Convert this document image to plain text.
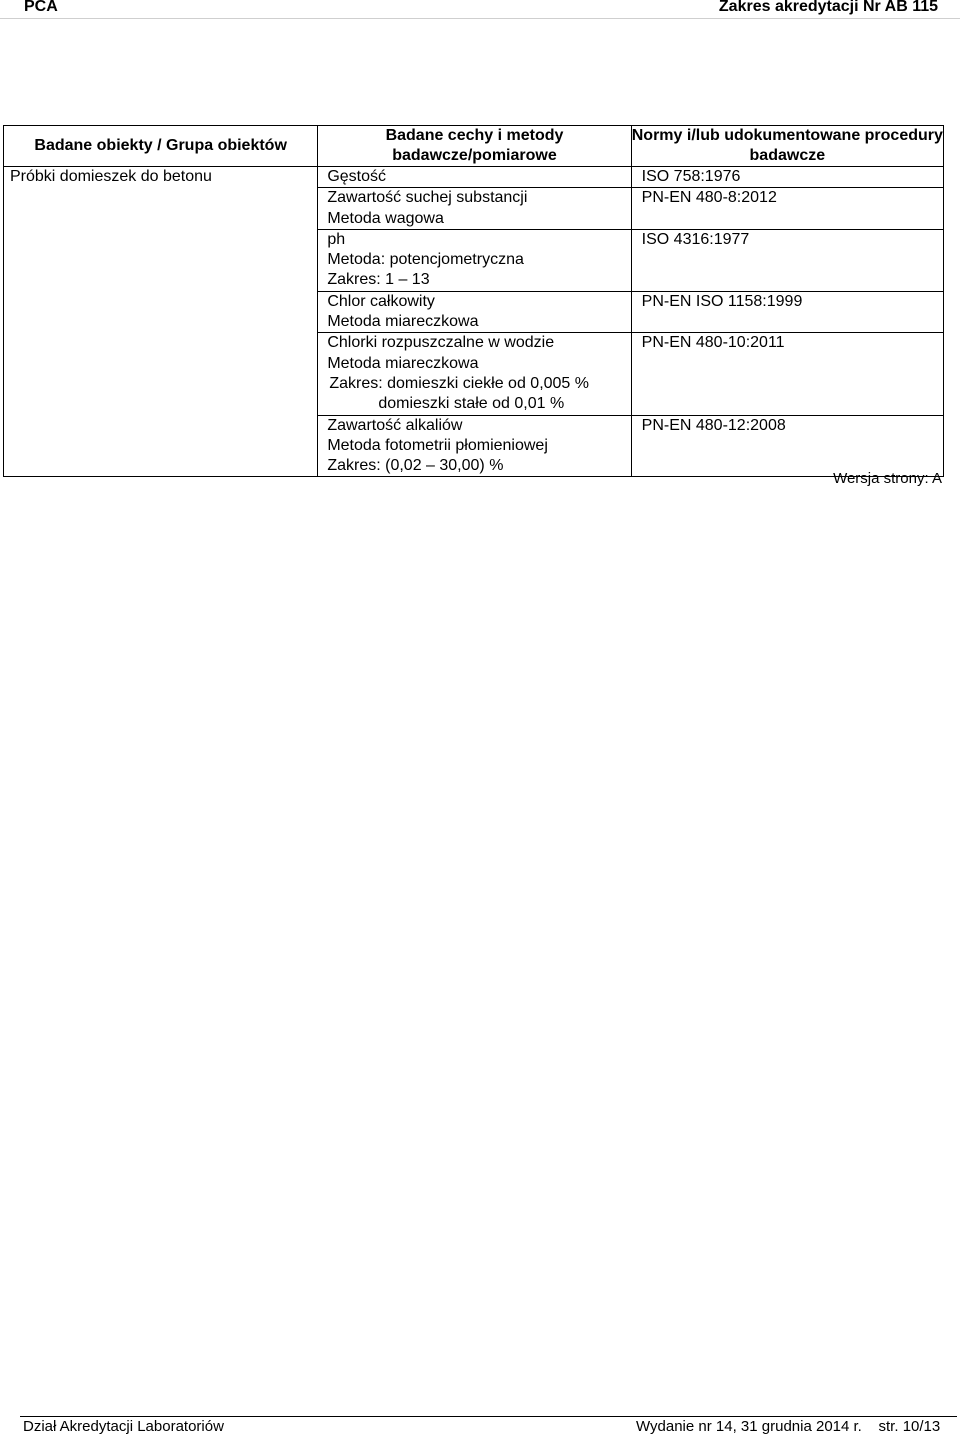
PCA	Zakres akredytacji Nr AB 115
Badane obiekty / Grupa obiektów	Badane cechy i metody badawcze/pomiarowe	Normy i/lub udokumentowane procedury badawcze
Próbki domieszek do betonu	Gęstość	ISO 758:1976

	Zawartość suchej substancji
Metoda wagowa	PN-EN 480-8:2012

	ph
Metoda: potencjometryczna
Zakres: 1 – 13	ISO 4316:1977

	Chlor całkowity
Metoda miareczkowa	PN-EN ISO 1158:1999

	Chlorki rozpuszczalne w wodzie
Metoda miareczkowa
Zakres: domieszki ciekłe od 0,005 %
domieszki stałe od 0,01 %	PN-EN 480-10:2011

	Zawartość alkaliów
Metoda fotometrii płomieniowej
Zakres: (0,02 – 30,00) %	PN-EN 480-12:2008
Wersja strony: A
Dział Akredytacji Laboratoriów	Wydanie nr 14, 31 grudnia 2014 r.    str. 10/13
